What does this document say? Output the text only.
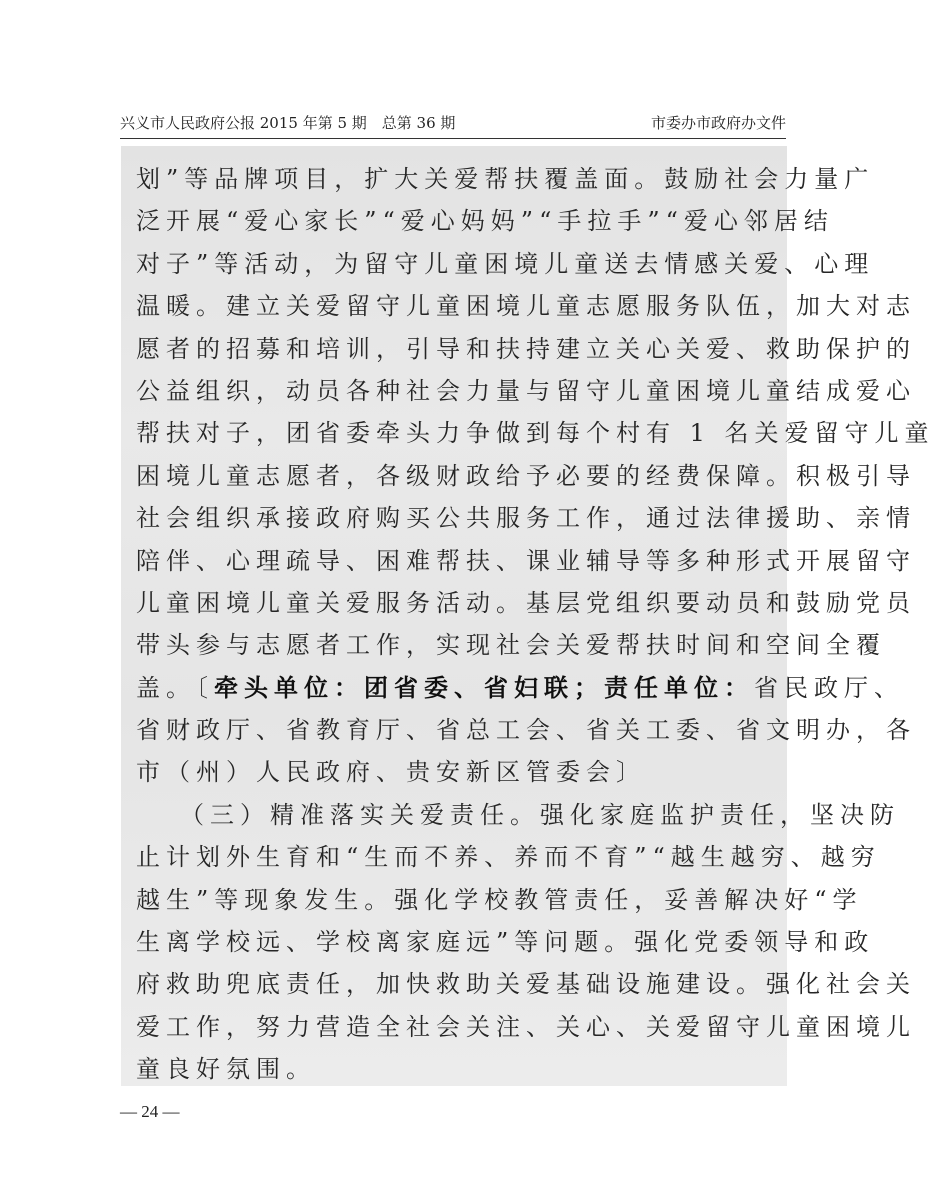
兴义市人民政府公报 2015 年第 5 期　总第 36 期	市委办市政府办文件
划”等品牌项目，扩大关爱帮扶覆盖面。鼓励社会力量广
泛开展“爱心家长”“爱心妈妈”“手拉手”“爱心邻居结
对子”等活动，为留守儿童困境儿童送去情感关爱、心理
温暖。建立关爱留守儿童困境儿童志愿服务队伍，加大对志
愿者的招募和培训，引导和扶持建立关心关爱、救助保护的
公益组织，动员各种社会力量与留守儿童困境儿童结成爱心
帮扶对子，团省委牵头力争做到每个村有 1 名关爱留守儿童
困境儿童志愿者，各级财政给予必要的经费保障。积极引导
社会组织承接政府购买公共服务工作，通过法律援助、亲情
陪伴、心理疏导、困难帮扶、课业辅导等多种形式开展留守
儿童困境儿童关爱服务活动。基层党组织要动员和鼓励党员
带头参与志愿者工作，实现社会关爱帮扶时间和空间全覆
盖。〔牵头单位：团省委、省妇联；责任单位：省民政厅、
省财政厅、省教育厅、省总工会、省关工委、省文明办，各
市（州）人民政府、贵安新区管委会〕
（三）精准落实关爱责任。强化家庭监护责任，坚决防
止计划外生育和“生而不养、养而不育”“越生越穷、越穷
越生”等现象发生。强化学校教管责任，妥善解决好“学
生离学校远、学校离家庭远”等问题。强化党委领导和政
府救助兜底责任，加快救助关爱基础设施建设。强化社会关
爱工作，努力营造全社会关注、关心、关爱留守儿童困境儿
童良好氛围。
— 24 —
